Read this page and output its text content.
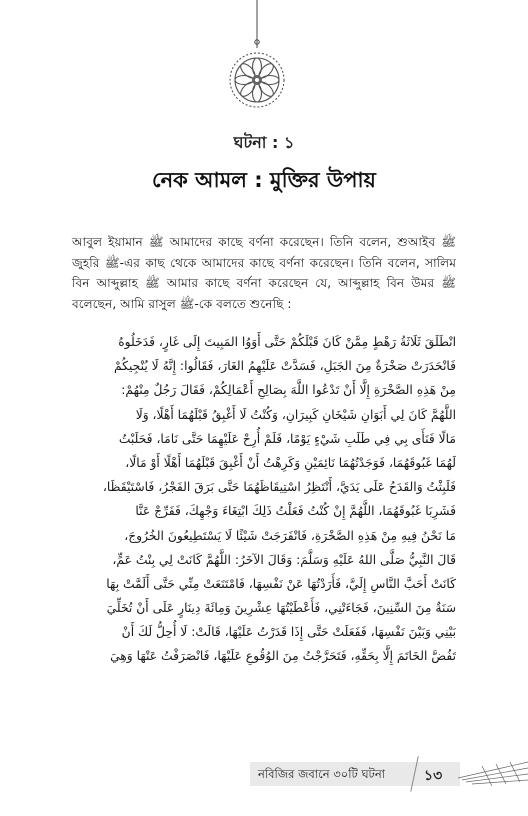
ঘটনা : ১
নেক আমল : মুক্তির উপায়
আবুল ইয়ামান ﷺ আমাদের কাছে বর্ণনা করেছেন। তিনি বলেন, শুআইব ﷺ জুহরি ﷺ-এর কাছ থেকে আমাদের কাছে বর্ণনা করেছেন। তিনি বলেন, সালিম বিন আব্দুল্লাহ ﷺ আমার কাছে বর্ণনা করেছেন যে, আব্দুল্লাহ বিন উমর ﷺ বলেছেন, আমি রাসুল ﷺ-কে বলতে শুনেছি :
انْطَلَقَ ثَلَاثَةُ رَهْطٍ مِمَّنْ كَانَ قَبْلَكُمْ حَتَّى أَوَوُا المَبِيتَ إِلَى غَارٍ، فَدَخَلُوهُ
فَانْحَدَرَتْ صَخْرَةٌ مِنَ الجَبَلِ، فَسَدَّتْ عَلَيْهِمُ الغَارَ، فَقَالُوا: إِنَّهُ لَا يُنْجِيكُمْ
مِنْ هَذِهِ الصَّخْرَةِ إِلَّا أَنْ تَدْعُوا اللَّهَ بِصَالِحِ أَعْمَالِكُمْ، فَقَالَ رَجُلٌ مِنْهُمْ:
اللَّهُمَّ كَانَ لِي أَبَوَانِ شَيْخَانِ كَبِيرَانِ، وَكُنْتُ لَا أَغْبِقُ قَبْلَهُمَا أَهْلًا، وَلَا
مَالًا فَنَأَى بِي فِي طَلَبِ شَيْءٍ يَوْمًا، فَلَمْ أُرِحْ عَلَيْهِمَا حَتَّى نَامَا، فَحَلَبْتُ
لَهُمَا غَبُوقَهُمَا، فَوَجَدْتُهُمَا نَائِمَيْنِ وَكَرِهْتُ أَنْ أَغْبِقَ قَبْلَهُمَا أَهْلًا أَوْ مَالًا،
فَلَبِثْتُ وَالقَدَحُ عَلَى يَدَيَّ، أَنْتَظِرُ اسْتِيقَاظَهُمَا حَتَّى بَرَقَ الفَجْرُ، فَاسْتَيْقَظَا،
فَشَرِبَا غَبُوقَهُمَا، اللَّهُمَّ إِنْ كُنْتُ فَعَلْتُ ذَلِكَ ابْتِغَاءَ وَجْهِكَ، فَفَرِّجْ عَنَّا
مَا نَحْنُ فِيهِ مِنْ هَذِهِ الصَّخْرَةِ، فَانْفَرَجَتْ شَيْئًا لَا يَسْتَطِيعُونَ الخُرُوجَ،
قَالَ النَّبِيُّ صَلَّى اللهُ عَلَيْهِ وَسَلَّمَ: وَقَالَ الآخَرُ: اللَّهُمَّ كَانَتْ لِي بِنْتُ عَمٍّ،
كَانَتْ أَحَبَّ النَّاسِ إِلَيَّ، فَأَرَدْتُهَا عَنْ نَفْسِهَا، فَامْتَنَعَتْ مِنِّي حَتَّى أَلَمَّتْ بِهَا
سَنَةٌ مِنَ السِّنِينَ، فَجَاءَتْنِي، فَأَعْطَيْتُهَا عِشْرِينَ وَمِائَةَ دِينَارٍ عَلَى أَنْ تُخَلِّيَ
بَيْنِي وَبَيْنَ نَفْسِهَا، فَفَعَلَتْ حَتَّى إِذَا قَدَرْتُ عَلَيْهَا، قَالَتْ: لَا أُحِلُّ لَكَ أَنْ
تَفُضَّ الخَاتَمَ إِلَّا بِحَقِّهِ، فَتَحَرَّجْتُ مِنَ الوُقُوعِ عَلَيْهَا، فَانْصَرَفْتُ عَنْهَا وَهِيَ
নবিজির জবানে ৩০টি ঘটনা	১৩
